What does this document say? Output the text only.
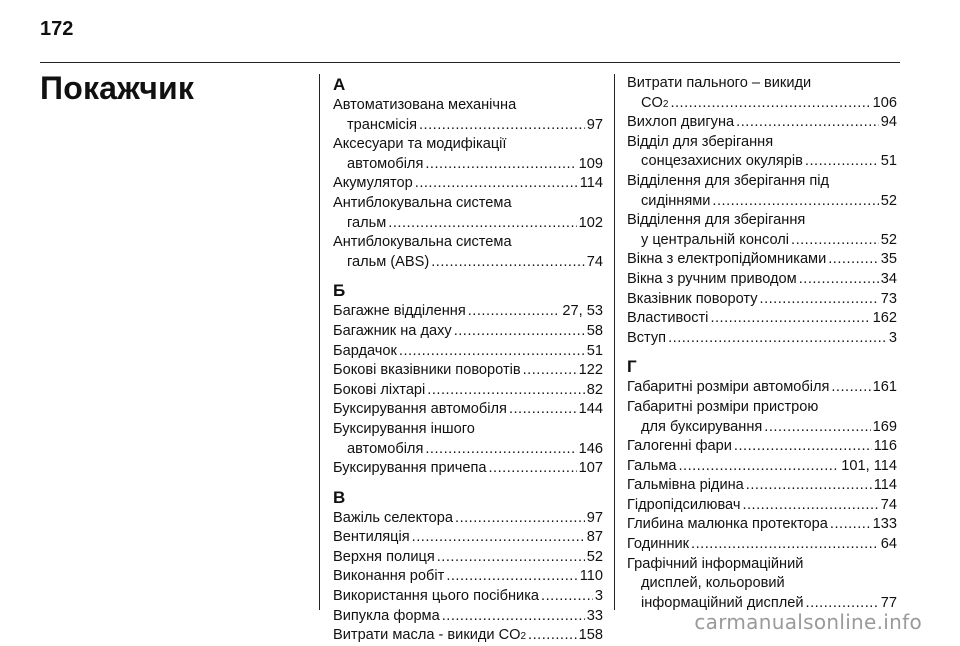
172
Покажчик	А
Автоматизована механічна
трансмісія .....	97
Аксесуари та модифікації
автомобіля .....	109
Акумулятор .....	114
Антиблокувальна система
гальм .....	102
Антиблокувальна система
гальм (ABS) .....	74
Б
Багажне відділення .....	27, 53
Багажник на даху .....	58
Бардачок .....	51
Бокові вказівники поворотів .....	122
Бокові ліхтарі .....	82
Буксирування автомобіля .....	144
Буксирування іншого
автомобіля .....	146
Буксирування причепа .....	107
В
Важіль селектора .....	97
Вентиляція .....	87
Верхня полиця .....	52
Виконання робіт .....	110
Використання цього посібника .....	3
Випукла форма .....	33
Витрати масла - викиди CO 2 .....	158
Витрати пального – викиди
CO 2 .....	106
Вихлоп двигуна .....	94
Відділ для зберігання
сонцезахисних окулярів .....	51
Відділення для зберігання під
сидіннями .....	52
Відділення для зберігання
у центральній консолі .....	52
Вікна з електропідйомниками .....	35
Вікна з ручним приводом .....	34
Вказівник повороту .....	73
Властивості .....	162
Вступ .....	3
Г
Габаритні розміри автомобіля .....	161
Габаритні розміри пристрою
для буксирування .....	169
Галогенні фари .....	116
Гальма .....	101, 114
Гальмівна рідина .....	114
Гідропідсилювач .....	74
Глибина малюнка протектора .....	133
Годинник .....	64
Графічний інформаційний
дисплей, кольоровий
інформаційний дисплей .....	77
carmanualsonline.info
